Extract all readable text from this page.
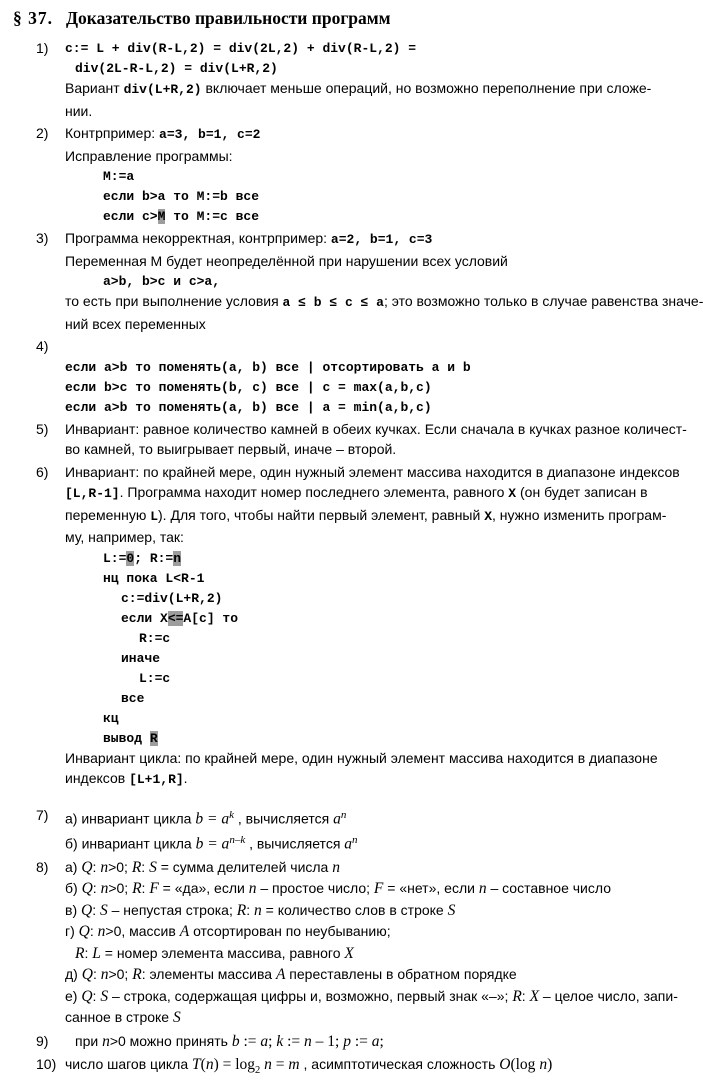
§ 37. Доказательство правильности программ
1)	c:= L + div(R-L,2) = div(2L,2) + div(R-L,2) =
div(2L-R-L,2) = div(L+R,2)
Вариант div(L+R,2) включает меньше операций, но возможно переполнение при сложе-
нии.
2)	Контрпример: a=3, b=1, c=2
Исправление программы:
M:=a
если b>a то M:=b все
если c>M то M:=c все
3)	Программа некорректная, контрпример: a=2, b=1, c=3
Переменная М будет неопределённой при нарушении всех условий
a>b, b>c и c>a,
то есть при выполнение условия a ≤ b ≤ c ≤ a; это возможно только в случае равенства значе-
ний всех переменных
4)

если a>b то поменять(a, b) все | отсортировать a и b
если b>c то поменять(b, c) все | c = max(a,b,c)
если a>b то поменять(a, b) все | a = min(a,b,c)
5)	Инвариант: равное количество камней в обеих кучках. Если сначала в кучках разное количест-
во камней, то выигрывает первый, иначе – второй.
6)	Инвариант: по крайней мере, один нужный элемент массива находится в диапазоне индексов
[L,R-1]. Программа находит номер последнего элемента, равного X (он будет записан в
переменную L). Для того, чтобы найти первый элемент, равный X, нужно изменить програм-
му, например, так:
L:=0; R:=n
нц пока L<R-1
c:=div(L+R,2)
если X<=A[c] то
R:=c
иначе
L:=c
все
кц
вывод R
Инвариант цикла: по крайней мере, один нужный элемент массива находится в диапазоне
индексов [L+1,R].
7)	а) инвариант цикла $b = a^k$ , вычисляется $a^n$
б) инвариант цикла $b = a^{n-k}$ , вычисляется $a^n$
8)	а) Q: n>0; R: S = сумма делителей числа n
б) Q: n>0; R: F = «да», если n – простое число; F = «нет», если n – составное число
в) Q: S – непустая строка; R: n = количество слов в строке S
г) Q: n>0, массив A отсортирован по неубыванию;
R: L = номер элемента массива, равного X
д) Q: n>0; R: элементы массива A переставлены в обратном порядке
е) Q: S – строка, содержащая цифры и, возможно, первый знак «–»; R: X – целое число, запи-
санное в строке S
9)	при n>0 можно принять b := a; k := n – 1; p := a;
10) число шагов цикла $T(n) = \log_2 n = m$ , асимптотическая сложность O(log n)
